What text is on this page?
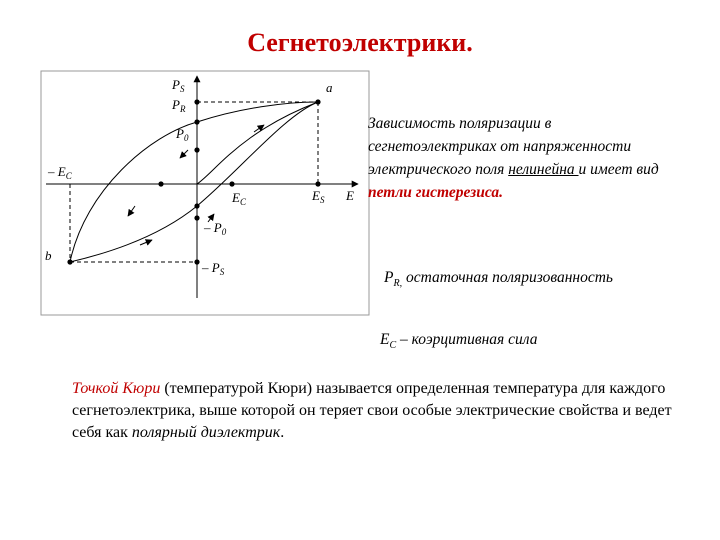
Сегнетоэлектрики.
$P_S$
$P_R$
$P_0$
a
– $E_C$
$E_C$	$E_S$ E
– $P_0$
b
– $P_S$
Зависимость поляризации в сегнетоэлектриках от напряженности электрического поля нелинейна и имеет вид петли гистерезиса.
$P_{R,}$ остаточная поляризованность
$E_C$ – коэрцитивная сила
Точкой Кюри (температурой Кюри) называется определенная температура для каждого сегнетоэлектрика, выше которой он теряет свои особые электрические свойства и ведет себя как полярный диэлектрик.
